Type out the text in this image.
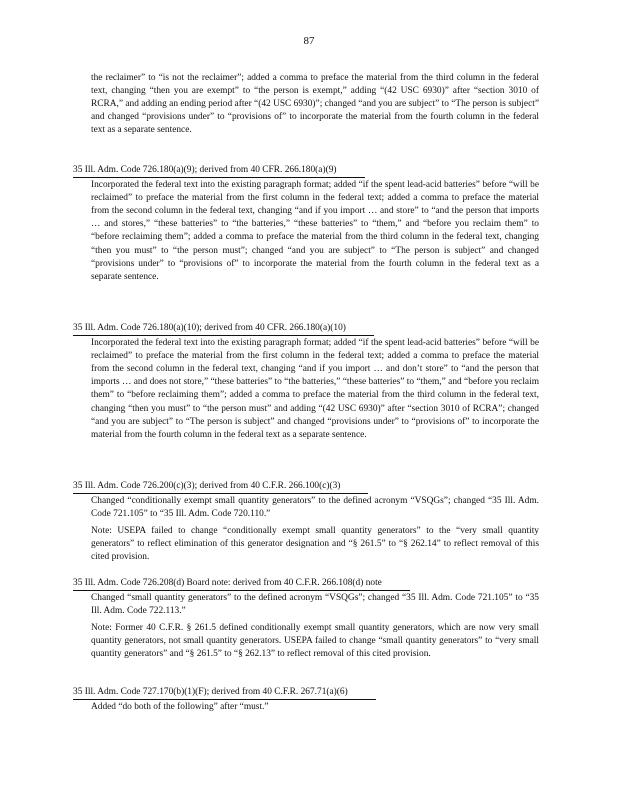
87
the reclaimer” to “is not the reclaimer”; added a comma to preface the material from the third column in the federal text, changing “then you are exempt” to “the person is exempt,” adding “(42 USC 6930)” after “section 3010 of RCRA,” and adding an ending period after “(42 USC 6930)”; changed “and you are subject” to “The person is subject” and changed “provisions under” to “provisions of” to incorporate the material from the fourth column in the federal text as a separate sentence.
35 Ill. Adm. Code 726.180(a)(9); derived from 40 CFR. 266.180(a)(9)
Incorporated the federal text into the existing paragraph format; added “if the spent lead-acid batteries” before “will be reclaimed” to preface the material from the first column in the federal text; added a comma to preface the material from the second column in the federal text, changing “and if you import … and store” to “and the person that imports … and stores,” “these batteries” to “the batteries,” “these batteries” to “them,” and “before you reclaim them” to “before reclaiming them”; added a comma to preface the material from the third column in the federal text, changing “then you must” to “the person must”; changed “and you are subject” to “The person is subject” and changed “provisions under” to “provisions of” to incorporate the material from the fourth column in the federal text as a separate sentence.
35 Ill. Adm. Code 726.180(a)(10); derived from 40 CFR. 266.180(a)(10)
Incorporated the federal text into the existing paragraph format; added “if the spent lead-acid batteries” before “will be reclaimed” to preface the material from the first column in the federal text; added a comma to preface the material from the second column in the federal text, changing “and if you import … and don’t store” to “and the person that imports … and does not store,” “these batteries” to “the batteries,” “these batteries” to “them,” and “before you reclaim them” to “before reclaiming them”; added a comma to preface the material from the third column in the federal text, changing “then you must” to “the person must” and adding “(42 USC 6930)” after “section 3010 of RCRA”; changed “and you are subject” to “The person is subject” and changed “provisions under” to “provisions of” to incorporate the material from the fourth column in the federal text as a separate sentence.
35 Ill. Adm. Code 726.200(c)(3); derived from 40 C.F.R. 266.100(c)(3)
Changed “conditionally exempt small quantity generators” to the defined acronym “VSQGs”; changed “35 Ill. Adm. Code 721.105” to “35 Ill. Adm. Code 720.110.”
Note: USEPA failed to change “conditionally exempt small quantity generators” to the “very small quantity generators” to reflect elimination of this generator designation and “§ 261.5” to “§ 262.14” to reflect removal of this cited provision.
35 Ill. Adm. Code 726.208(d) Board note: derived from 40 C.F.R. 266.108(d) note
Changed “small quantity generators” to the defined acronym “VSQGs”; changed “35 Ill. Adm. Code 721.105” to “35 Ill. Adm. Code 722.113.”
Note: Former 40 C.F.R. § 261.5 defined conditionally exempt small quantity generators, which are now very small quantity generators, not small quantity generators. USEPA failed to change “small quantity generators” to “very small quantity generators” and “§ 261.5” to “§ 262.13” to reflect removal of this cited provision.
35 Ill. Adm. Code 727.170(b)(1)(F); derived from 40 C.F.R. 267.71(a)(6)
Added “do both of the following” after “must.”
